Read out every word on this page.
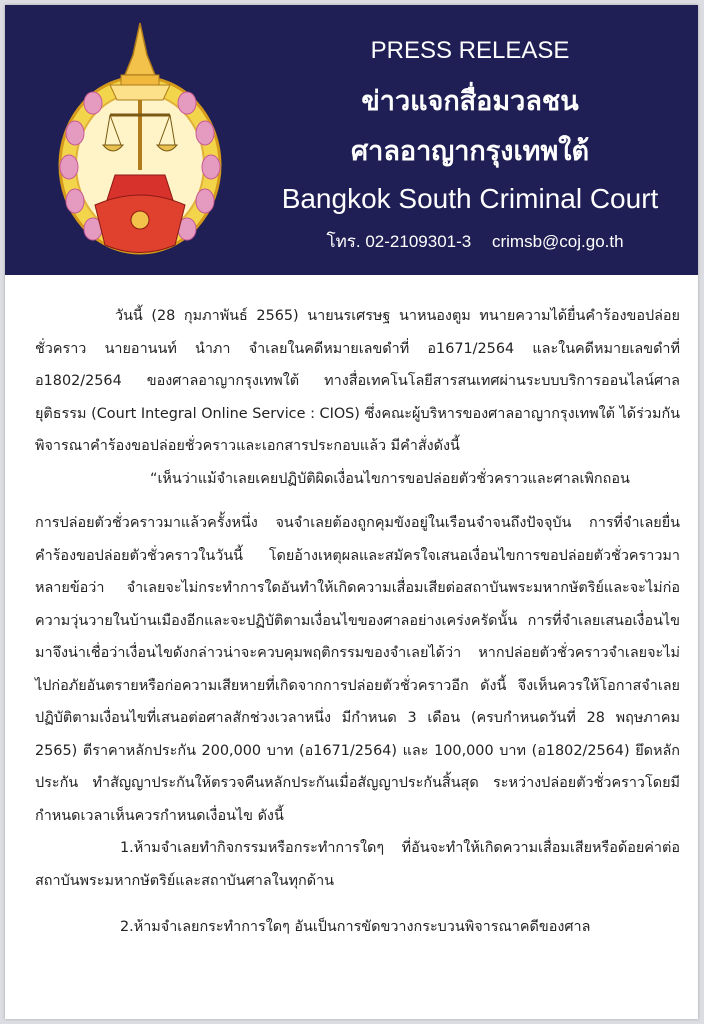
PRESS RELEASE
ข่าวแจกสื่อมวลชน
ศาลอาญากรุงเทพใต้
Bangkok South Criminal Court
โทร. 02-2109301-3 crimsb@coj.go.th

วันนี้ (28 กุมภาพันธ์ 2565) นายนรเศรษฐ นาหนองตูม ทนายความได้ยื่นคำร้องขอปล่อยชั่วคราว นายอานนท์ นำภา จำเลยในคดีหมายเลขดำที่ อ1671/2564 และในคดีหมายเลขดำที่ อ1802/2564 ของศาลอาญากรุงเทพใต้ ทางสื่อเทคโนโลยีสารสนเทศผ่านระบบบริการออนไลน์ศาลยุติธรรม (Court Integral Online Service : CIOS) ซึ่งคณะผู้บริหารของศาลอาญากรุงเทพใต้ ได้ร่วมกันพิจารณาคำร้องขอปล่อยชั่วคราวและเอกสารประกอบแล้ว มีคำสั่งดังนี้

“เห็นว่าแม้จำเลยเคยปฏิบัติผิดเงื่อนไขการขอปล่อยตัวชั่วคราวและศาลเพิกถอน

การปล่อยตัวชั่วคราวมาแล้วครั้งหนึ่ง จนจำเลยต้องถูกคุมขังอยู่ในเรือนจำจนถึงปัจจุบัน การที่จำเลยยื่นคำร้องขอปล่อยตัวชั่วคราวในวันนี้ โดยอ้างเหตุผลและสมัครใจเสนอเงื่อนไขการขอปล่อยตัวชั่วคราวมาหลายข้อว่า จำเลยจะไม่กระทำการใดอันทำให้เกิดความเสื่อมเสียต่อสถาบันพระมหากษัตริย์และจะไม่ก่อความวุ่นวายในบ้านเมืองอีกและจะปฏิบัติตามเงื่อนไขของศาลอย่างเคร่งครัดนั้น การที่จำเลยเสนอเงื่อนไขมาจึงน่าเชื่อว่าเงื่อนไขดังกล่าวน่าจะควบคุมพฤติกรรมของจำเลยได้ว่า หากปล่อยตัวชั่วคราวจำเลยจะไม่ไปก่อภัยอันตรายหรือก่อความเสียหายที่เกิดจากการปล่อยตัวชั่วคราวอีก ดังนี้ จึงเห็นควรให้โอกาสจำเลยปฏิบัติตามเงื่อนไขที่เสนอต่อศาลสักช่วงเวลาหนึ่ง มีกำหนด 3 เดือน (ครบกำหนดวันที่ 28 พฤษภาคม 2565) ตีราคาหลักประกัน 200,000 บาท (อ1671/2564) และ 100,000 บาท (อ1802/2564) ยึดหลักประกัน ทำสัญญาประกันให้ตรวจคืนหลักประกันเมื่อสัญญาประกันสิ้นสุด ระหว่างปล่อยตัวชั่วคราวโดยมีกำหนดเวลาเห็นควรกำหนดเงื่อนไข ดังนี้

1.ห้ามจำเลยทำกิจกรรมหรือกระทำการใดๆ ที่อันจะทำให้เกิดความเสื่อมเสียหรือด้อยค่าต่อสถาบันพระมหากษัตริย์และสถาบันศาลในทุกด้าน

2.ห้ามจำเลยกระทำการใดๆ อันเป็นการขัดขวางกระบวนพิจารณาคดีของศาล
